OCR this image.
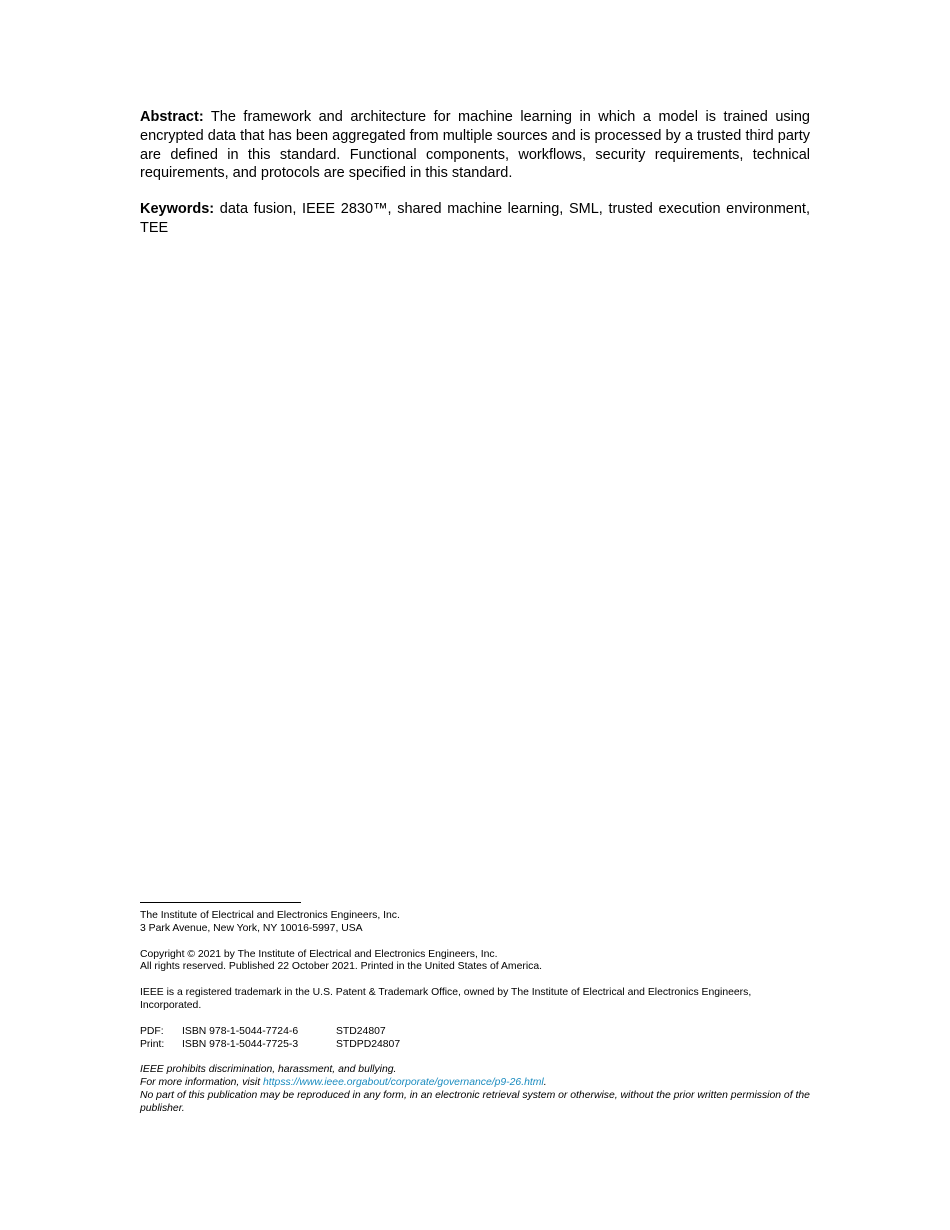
Abstract: The framework and architecture for machine learning in which a model is trained using encrypted data that has been aggregated from multiple sources and is processed by a trusted third party are defined in this standard. Functional components, workflows, security requirements, technical requirements, and protocols are specified in this standard.

Keywords: data fusion, IEEE 2830™, shared machine learning, SML, trusted execution environment, TEE

The Institute of Electrical and Electronics Engineers, Inc.
3 Park Avenue, New York, NY 10016-5997, USA
Copyright © 2021 by The Institute of Electrical and Electronics Engineers, Inc.
All rights reserved. Published 22 October 2021. Printed in the United States of America.
IEEE is a registered trademark in the U.S. Patent & Trademark Office, owned by The Institute of Electrical and Electronics Engineers, Incorporated.
PDF:	ISBN 978-1-5044-7724-6	STD24807
Print:	ISBN 978-1-5044-7725-3	STDPD24807
IEEE prohibits discrimination, harassment, and bullying.
For more information, visit httpss://www.ieee.orgabout/corporate/governance/p9-26.html.
No part of this publication may be reproduced in any form, in an electronic retrieval system or otherwise, without the prior written permission of the publisher.
